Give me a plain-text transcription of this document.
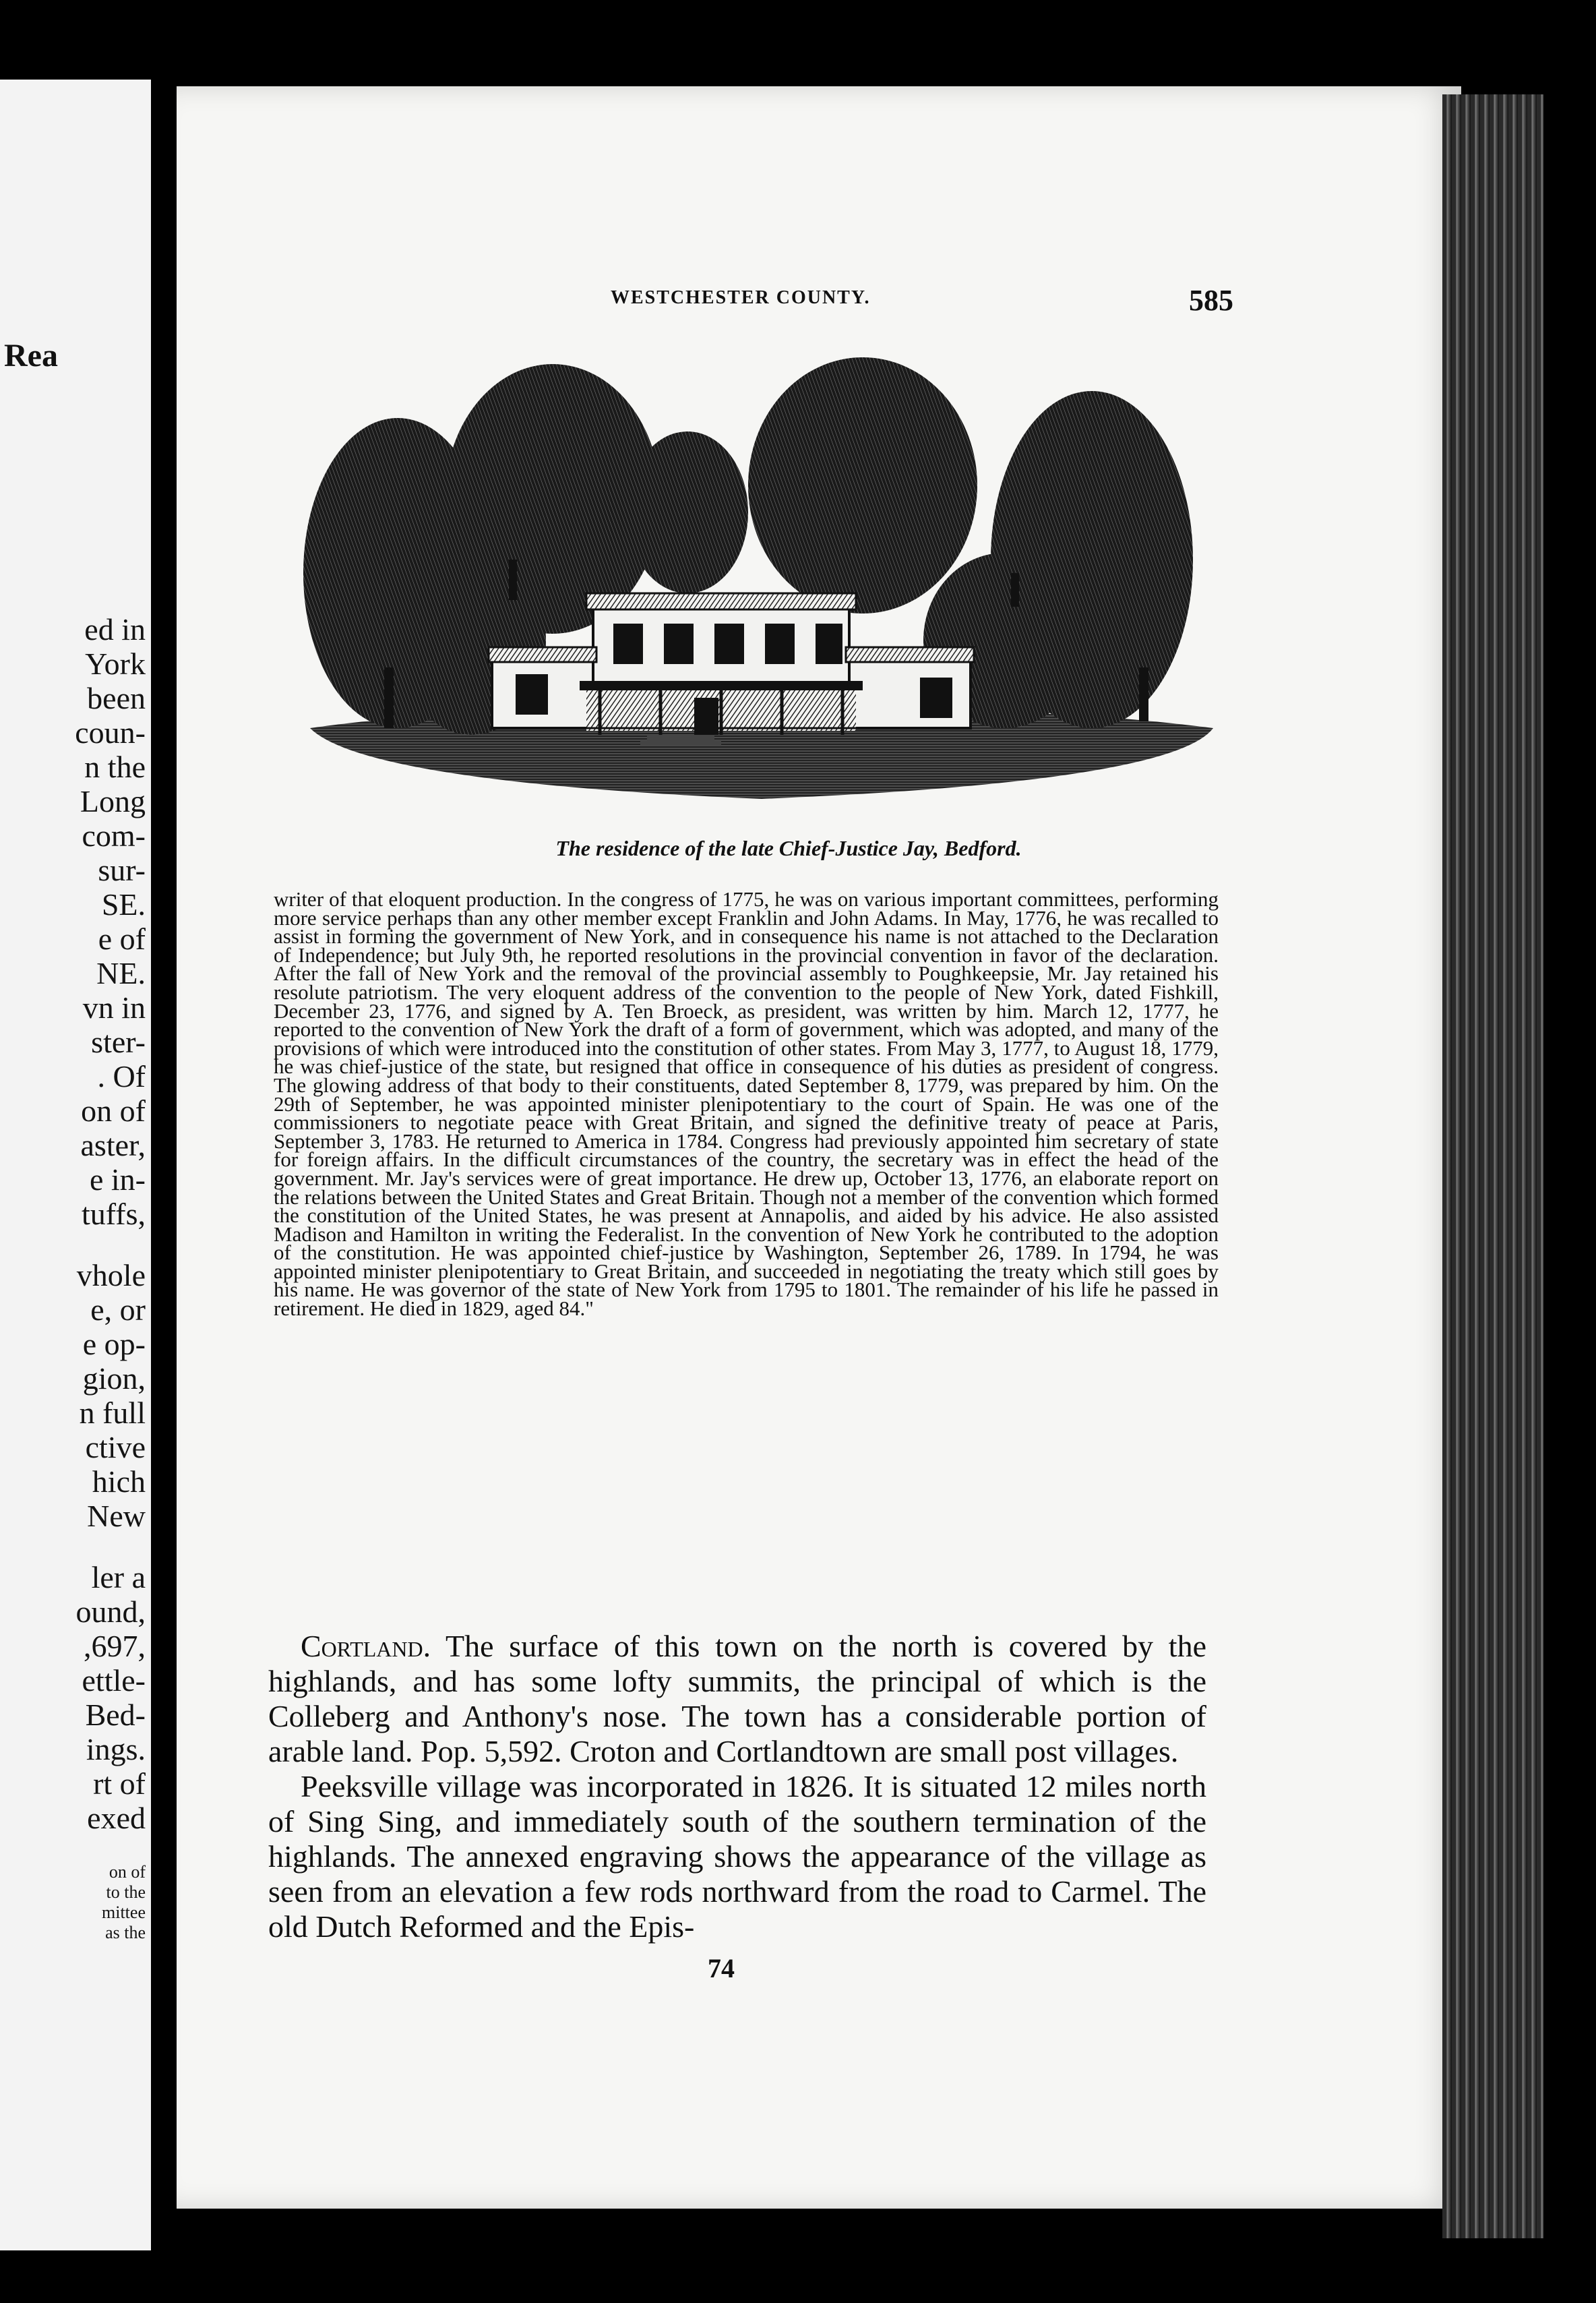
Rea
ed in
York
been
coun-
n the
Long
com-
sur-
SE.
e of
NE.
vn in
ster-
. Of
on of
aster,
e in-
tuffs,
vhole
e, or
e op-
gion,
n full
ctive
hich
New
ler a
ound,
,697,
ettle-
Bed-
ings.
rt of
exed
on of
to the
mittee
as the
WESTCHESTER COUNTY.	585
The residence of the late Chief-Justice Jay, Bedford.

writer of that eloquent production. In the congress of 1775, he was on various important committees, performing more service perhaps than any other member except Franklin and John Adams. In May, 1776, he was recalled to assist in forming the government of New York, and in consequence his name is not attached to the Declaration of Independence; but July 9th, he reported resolutions in the provincial convention in favor of the declaration. After the fall of New York and the removal of the provincial assembly to Poughkeepsie, Mr. Jay retained his resolute patriotism. The very eloquent address of the convention to the people of New York, dated Fishkill, December 23, 1776, and signed by A. Ten Broeck, as president, was written by him. March 12, 1777, he reported to the convention of New York the draft of a form of government, which was adopted, and many of the provisions of which were introduced into the constitution of other states. From May 3, 1777, to August 18, 1779, he was chief-justice of the state, but resigned that office in consequence of his duties as president of congress. The glowing address of that body to their constituents, dated September 8, 1779, was prepared by him. On the 29th of September, he was appointed minister plenipotentiary to the court of Spain. He was one of the commissioners to negotiate peace with Great Britain, and signed the definitive treaty of peace at Paris, September 3, 1783. He returned to America in 1784. Congress had previously appointed him secretary of state for foreign affairs. In the difficult circumstances of the country, the secretary was in effect the head of the government. Mr. Jay's services were of great importance. He drew up, October 13, 1776, an elaborate report on the relations between the United States and Great Britain. Though not a member of the convention which formed the constitution of the United States, he was present at Annapolis, and aided by his advice. He also assisted Madison and Hamilton in writing the Federalist. In the convention of New York he contributed to the adoption of the constitution. He was appointed chief-justice by Washington, September 26, 1789. In 1794, he was appointed minister plenipotentiary to Great Britain, and succeeded in negotiating the treaty which still goes by his name. He was governor of the state of New York from 1795 to 1801. The remainder of his life he passed in retirement. He died in 1829, aged 84."

Cortland. The surface of this town on the north is covered by the highlands, and has some lofty summits, the principal of which is the Colleberg and Anthony's nose. The town has a considerable portion of arable land. Pop. 5,592. Croton and Cortlandtown are small post villages.

Peeksville village was incorporated in 1826. It is situated 12 miles north of Sing Sing, and immediately south of the southern termination of the highlands. The annexed engraving shows the appearance of the village as seen from an elevation a few rods northward from the road to Carmel. The old Dutch Reformed and the Epis-

74
